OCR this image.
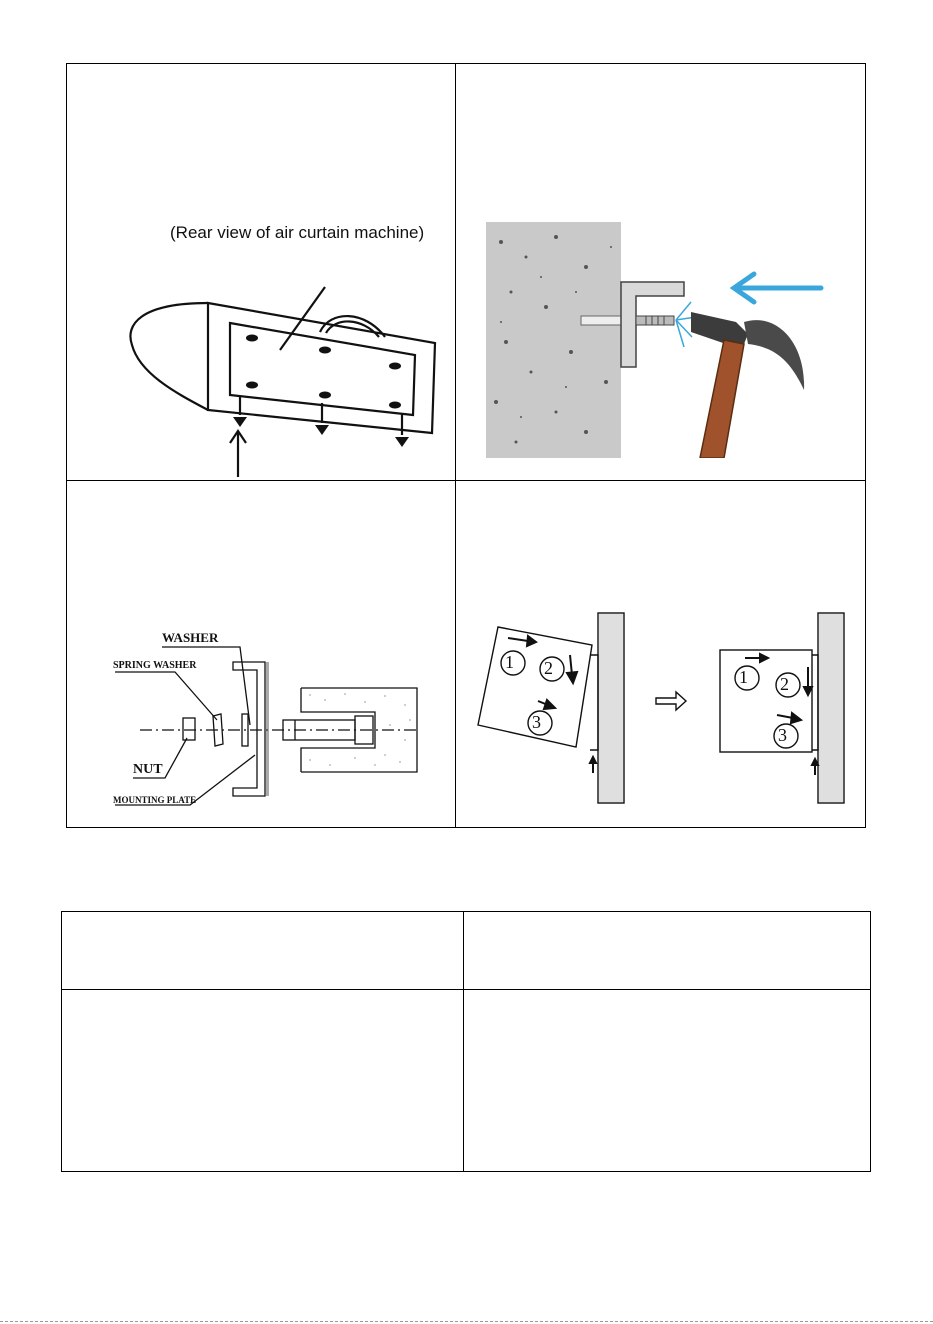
(Rear view of air curtain machine)
WASHER
SPRING WASHER
NUT
MOUNTING PLATE
1 2
3
1 2
3
